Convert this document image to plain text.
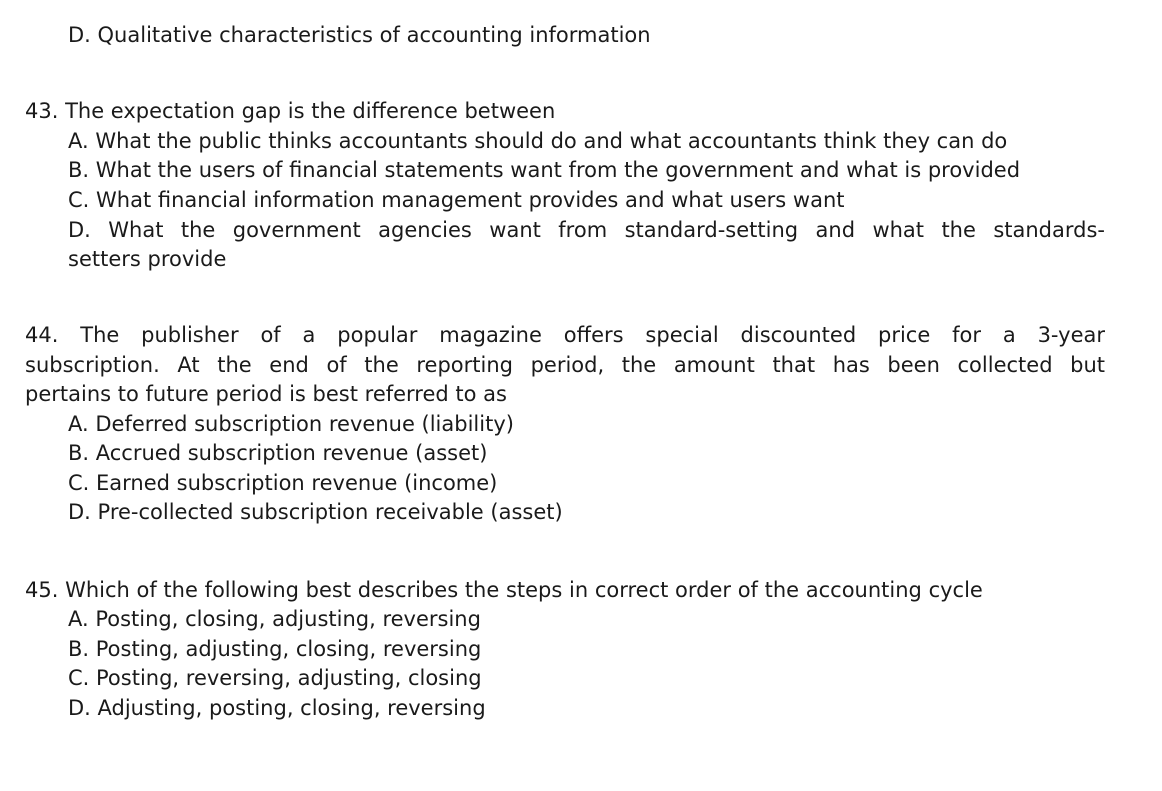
D. Qualitative characteristics of accounting information
43. The expectation gap is the difference between
A. What the public thinks accountants should do and what accountants think they can do
B. What the users of financial statements want from the government and what is provided
C. What financial information management provides and what users want
D. What the government agencies want from standard-setting and what the standards-
setters provide
44. The publisher of a popular magazine offers special discounted price for a 3-year
subscription. At the end of the reporting period, the amount that has been collected but
pertains to future period is best referred to as
A. Deferred subscription revenue (liability)
B. Accrued subscription revenue (asset)
C. Earned subscription revenue (income)
D. Pre-collected subscription receivable (asset)
45. Which of the following best describes the steps in correct order of the accounting cycle
A. Posting, closing, adjusting, reversing
B. Posting, adjusting, closing, reversing
C. Posting, reversing, adjusting, closing
D. Adjusting, posting, closing, reversing
